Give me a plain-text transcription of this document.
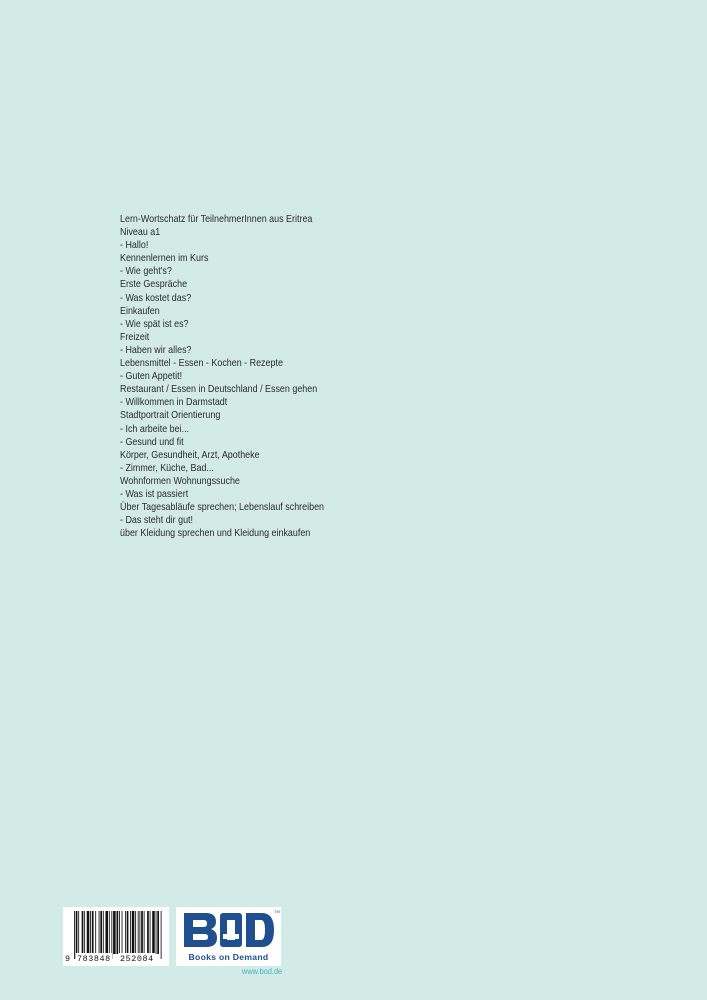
Lern-Wortschatz für TeilnehmerInnen aus Eritrea
Niveau a1
- Hallo!
Kennenlernen im Kurs
- Wie geht's?
Erste Gespräche
- Was kostet das?
Einkaufen
- Wie spät ist es?
Freizeit
- Haben wir alles?
Lebensmittel - Essen - Kochen - Rezepte
- Guten Appetit!
Restaurant / Essen in Deutschland / Essen gehen
- Willkommen in Darmstadt
Stadtportrait Orientierung
- Ich arbeite bei...
- Gesund und fit
Körper, Gesundheit, Arzt, Apotheke
- Zimmer, Küche, Bad...
Wohnformen Wohnungssuche
- Was ist passiert
Über Tagesabläufe sprechen; Lebenslauf schreiben
- Das steht dir gut!
über Kleidung sprechen und Kleidung einkaufen
9 783848 252084
TM
Books on Demand
www.bod.de
